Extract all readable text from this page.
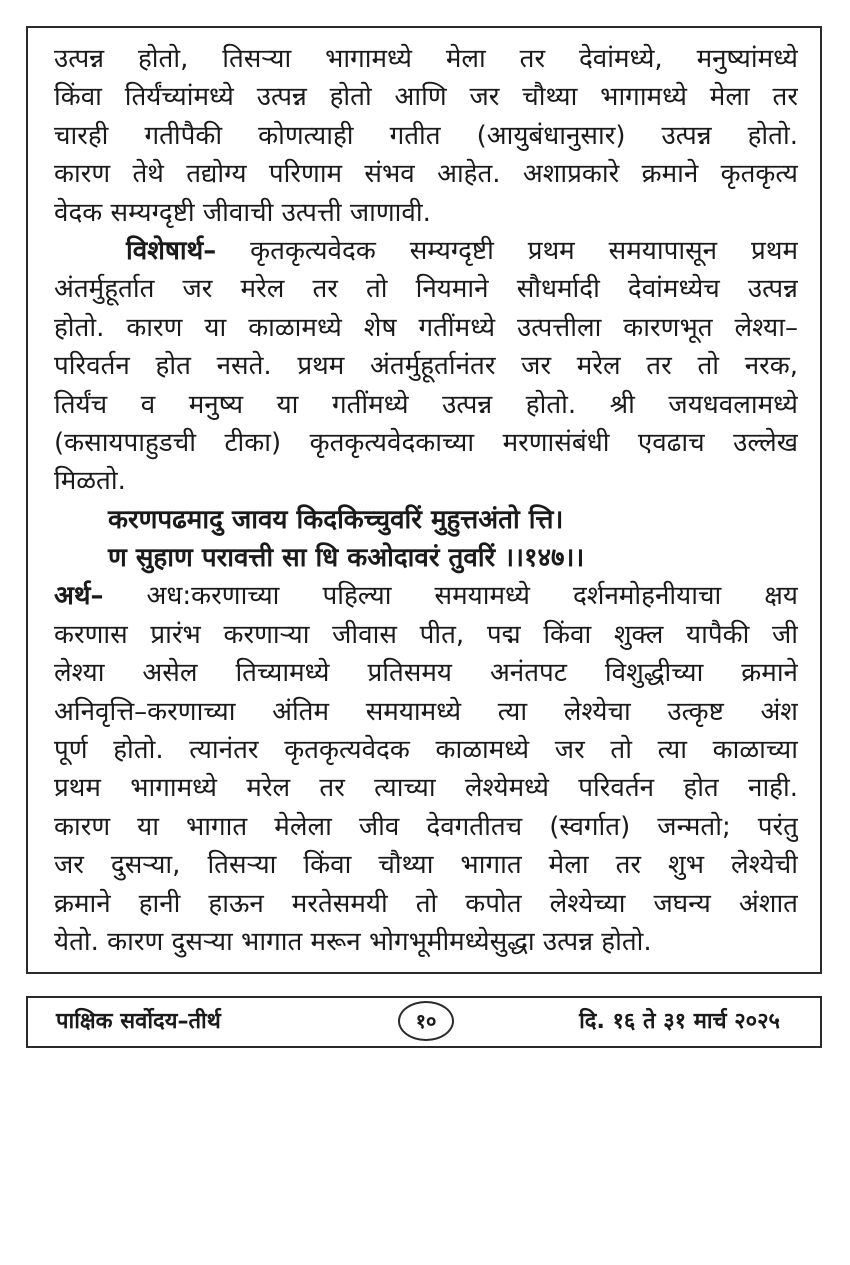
उत्पन्न होतो, तिसऱ्या भागामध्ये मेला तर देवांमध्ये, मनुष्यांमध्ये
किंवा तिर्यंच्यांमध्ये उत्पन्न होतो आणि जर चौथ्या भागामध्ये मेला तर
चारही गतीपैकी कोणत्याही गतीत (आयुबंधानुसार) उत्पन्न होतो.
कारण तेथे तद्योग्य परिणाम संभव आहेत. अशाप्रकारे क्रमाने कृतकृत्य
वेदक सम्यग्दृष्टी जीवाची उत्पत्ती जाणावी.
विशेषार्थ– कृतकृत्यवेदक सम्यग्दृष्टी प्रथम समयापासून प्रथम
अंतर्मुहूर्तात जर मरेल तर तो नियमाने सौधर्मादी देवांमध्येच उत्पन्न
होतो. कारण या काळामध्ये शेष गतींमध्ये उत्पत्तीला कारणभूत लेश्या–
परिवर्तन होत नसते. प्रथम अंतर्मुहूर्तानंतर जर मरेल तर तो नरक,
तिर्यंच व मनुष्य या गतींमध्ये उत्पन्न होतो. श्री जयधवलामध्ये
(कसायपाहुडची टीका) कृतकृत्यवेदकाच्या मरणासंबंधी एवढाच उल्लेख
मिळतो.
करणपढमादु जावय किदकिच्चुवरिं मुहुत्तअंतो त्ति।
ण सुहाण परावत्ती सा धि कओदावरं तुवरिं ।।१४७।।
अर्थ– अध:करणाच्या पहिल्या समयामध्ये दर्शनमोहनीयाचा क्षय
करणास प्रारंभ करणाऱ्या जीवास पीत, पद्म किंवा शुक्ल यापैकी जी
लेश्या असेल तिच्यामध्ये प्रतिसमय अनंतपट विशुद्धीच्या क्रमाने
अनिवृत्ति–करणाच्या अंतिम समयामध्ये त्या लेश्येचा उत्कृष्ट अंश
पूर्ण होतो. त्यानंतर कृतकृत्यवेदक काळामध्ये जर तो त्या काळाच्या
प्रथम भागामध्ये मरेल तर त्याच्या लेश्येमध्ये परिवर्तन होत नाही.
कारण या भागात मेलेला जीव देवगतीतच (स्वर्गात) जन्मतो; परंतु
जर दुसऱ्या, तिसऱ्या किंवा चौथ्या भागात मेला तर शुभ लेश्येची
क्रमाने हानी हाऊन मरतेसमयी तो कपोत लेश्येच्या जघन्य अंशात
येतो. कारण दुसऱ्या भागात मरून भोगभूमीमध्येसुद्धा उत्पन्न होतो.
पाक्षिक सर्वोदय–तीर्थ	१०	दि. १६ ते ३१ मार्च २०२५
